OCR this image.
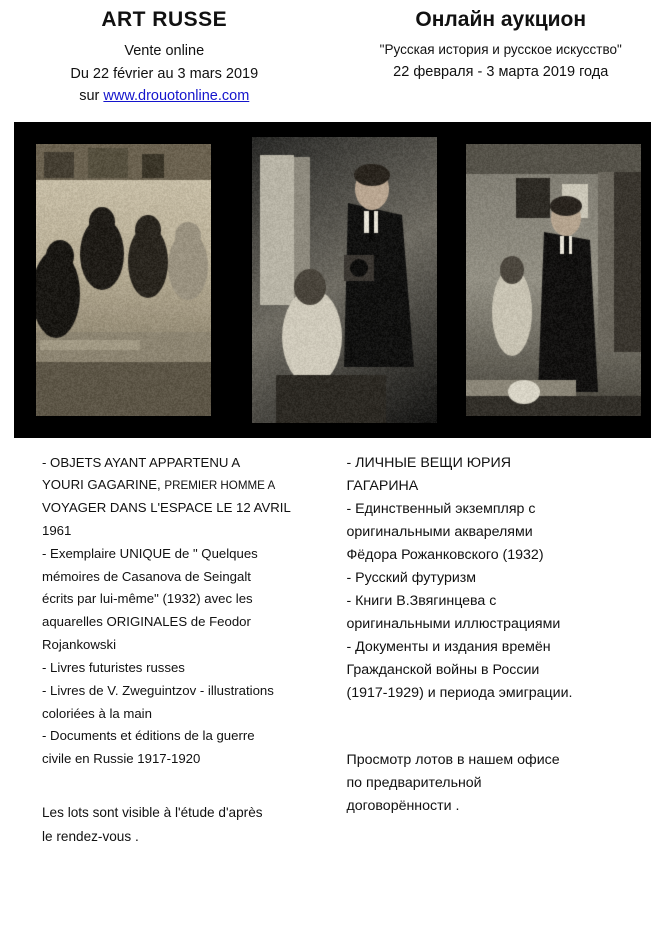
ART RUSSE

Vente online

Du 22 février au 3 mars 2019

sur www.drouotonline.com

Онлайн аукцион

"Русская история и русское искусство"

22 февраля - 3 марта 2019 года

- OBJETS AYANT APPARTENU A

YOURI GAGARINE, PREMIER HOMME A

VOYAGER DANS L'ESPACE LE 12 AVRIL

1961

- Exemplaire UNIQUE de " Quelques

mémoires de Casanova de Seingalt

écrits par lui-même" (1932) avec les

aquarelles ORIGINALES de Feodor

Rojankowski

- Livres futuristes russes

- Livres de V. Zweguintzov - illustrations

coloriées à la main

- Documents et éditions de la guerre

civile en Russie 1917-1920

Les lots sont visible à l'étude d'après

le rendez-vous .

- ЛИЧНЫЕ ВЕЩИ ЮРИЯ

ГАГАРИНА

- Единственный экземпляр с

оригинальными акварелями

Фёдора Рожанковского (1932)

- Русский футуризм

- Книги В.Звягинцева с

оригинальными иллюстрациями

- Документы и издания времён

Гражданской войны в России

(1917-1929) и периода эмиграции.

Просмотр лотов в нашем офисе

по предварительной

договорённости .
